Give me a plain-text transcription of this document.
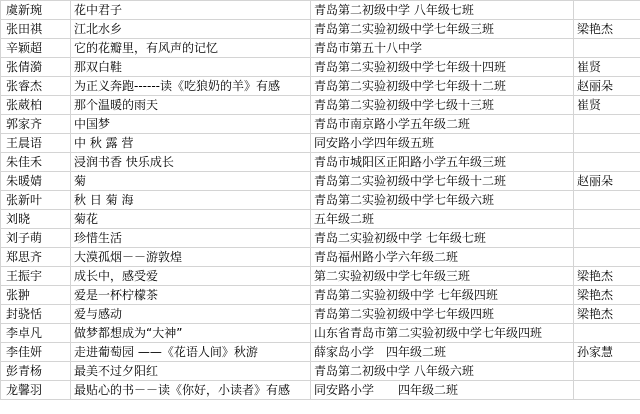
虞新琬	花中君子	青岛第二初级中学 八年级七班	
张田祺	江北水乡	青岛第二实验初级中学七年级三班	梁艳杰
辛颖超	它的花瓣里，有风声的记忆	青岛市第五十八中学	
张倩漪	那双白鞋	青岛第二实验初级中学七年级十四班	崔贤
张睿杰	为正义奔跑------读《吃狼奶的羊》有感	青岛第二实验初级中学七年级十二班	赵丽朵
张葳柏	那个温暖的雨天	青岛第二实验初级中学七级十三班	崔贤
郭家齐	中国梦	青岛市南京路小学五年级二班	
王晨语	中 秋 露 营	同安路小学四年级五班	
朱佳禾	浸润书香 快乐成长	青岛市城阳区正阳路小学五年级三班	
朱暖婧	菊	青岛第二实验初级中学七年级十二班	赵丽朵
张新叶	秋 日 菊 海	青岛第二实验初级中学七年级六班	
刘晓	菊花	五年级二班	
刘子萌	珍惜生活	青岛二实验初级中学 七年级七班	
郑思齐	大漠孤烟－－游敦煌	青岛福州路小学六年级二班	
王振宇	成长中，感受爱	第二实验初级中学七年级三班	梁艳杰
张翀	爱是一杯柠檬茶	青岛第二实验初级中学 七年级四班	梁艳杰
封骁恬	爱与感动	青岛第二实验初级中学七年级四班	梁艳杰
李卓凡	做梦都想成为“大神”	山东省青岛市第二实验初级中学七年级四班	
李佳妍	走进葡萄园 ——《花语人间》秋游	薛家岛小学　四年级二班	孙家慧
彭青杨	最美不过夕阳红	青岛第二初级中学 八年级六班	
龙馨羽	最贴心的书－－读《你好，小读者》有感	同安路小学　　四年级二班	
